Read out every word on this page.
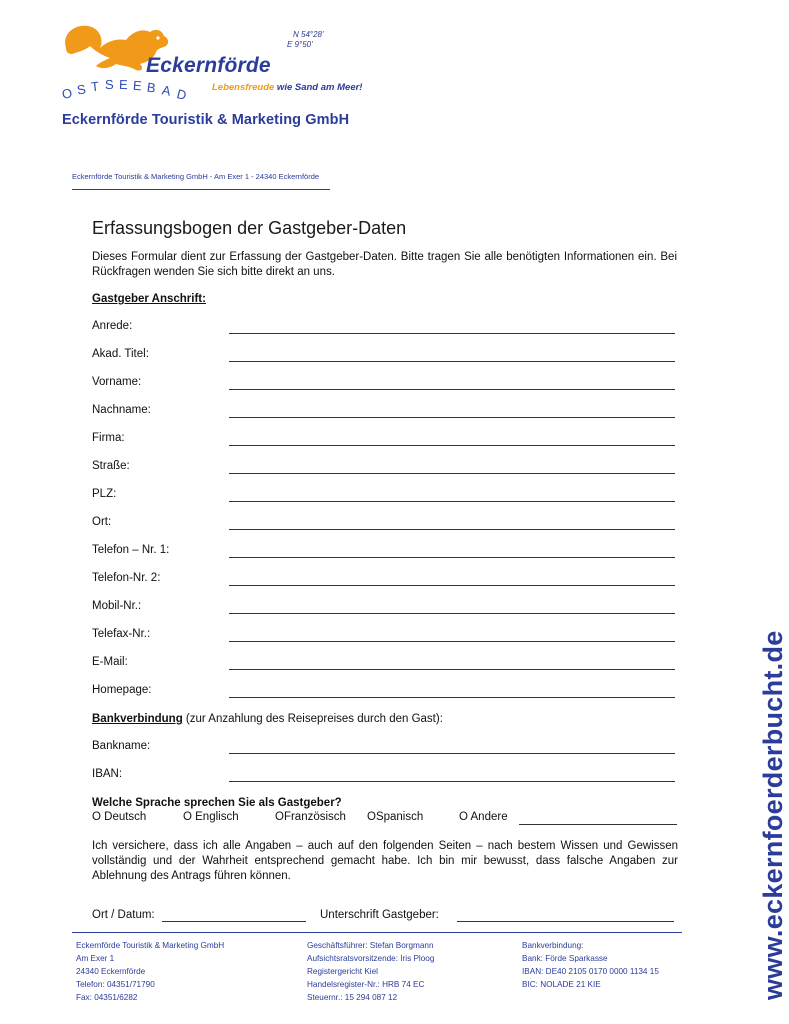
N 54°28'
E 9°50'
Eckernförde
O S T S E E B A D	Lebensfreude wie Sand am Meer!
Eckernförde Touristik & Marketing GmbH
Eckernförde Touristik & Marketing GmbH - Am Exer 1 - 24340 Eckernförde
Erfassungsbogen der Gastgeber-Daten
Dieses Formular dient zur Erfassung der Gastgeber-Daten. Bitte tragen Sie alle benötigten Informationen ein. Bei Rückfragen wenden Sie sich bitte direkt an uns.
Gastgeber Anschrift:
Anrede:
Akad. Titel:
Vorname:
Nachname:
Firma:
Straße:
PLZ:
Ort:
Telefon – Nr. 1:
Telefon-Nr. 2:
Mobil-Nr.:
Telefax-Nr.:
E-Mail:
Homepage:
Bankverbindung (zur Anzahlung des Reisepreises durch den Gast):
Bankname:
IBAN:
Welche Sprache sprechen Sie als Gastgeber?
O Deutsch	O Englisch	OFranzösisch OSpanisch	O Andere
Ich versichere, dass ich alle Angaben – auch auf den folgenden Seiten – nach bestem Wissen und Gewissen vollständig und der Wahrheit entsprechend gemacht habe. Ich bin mir bewusst, dass falsche Angaben zur Ablehnung des Antrags führen können.
Ort / Datum:	Unterschrift Gastgeber:
Eckernförde Touristik & Marketing GmbH
Am Exer 1
24340 Eckernförde
Telefon: 04351/71790
Fax: 04351/6282
Geschäftsführer: Stefan Borgmann
Aufsichtsratsvorsitzende: Iris Ploog
Registergericht Kiel
Handelsregister-Nr.: HRB 74 EC
Steuernr.: 15 294 087 12
Bankverbindung:
Bank: Förde Sparkasse
IBAN: DE40 2105 0170 0000 1134 15
BIC: NOLADE 21 KIE	www.eckernfoerderbucht.de
